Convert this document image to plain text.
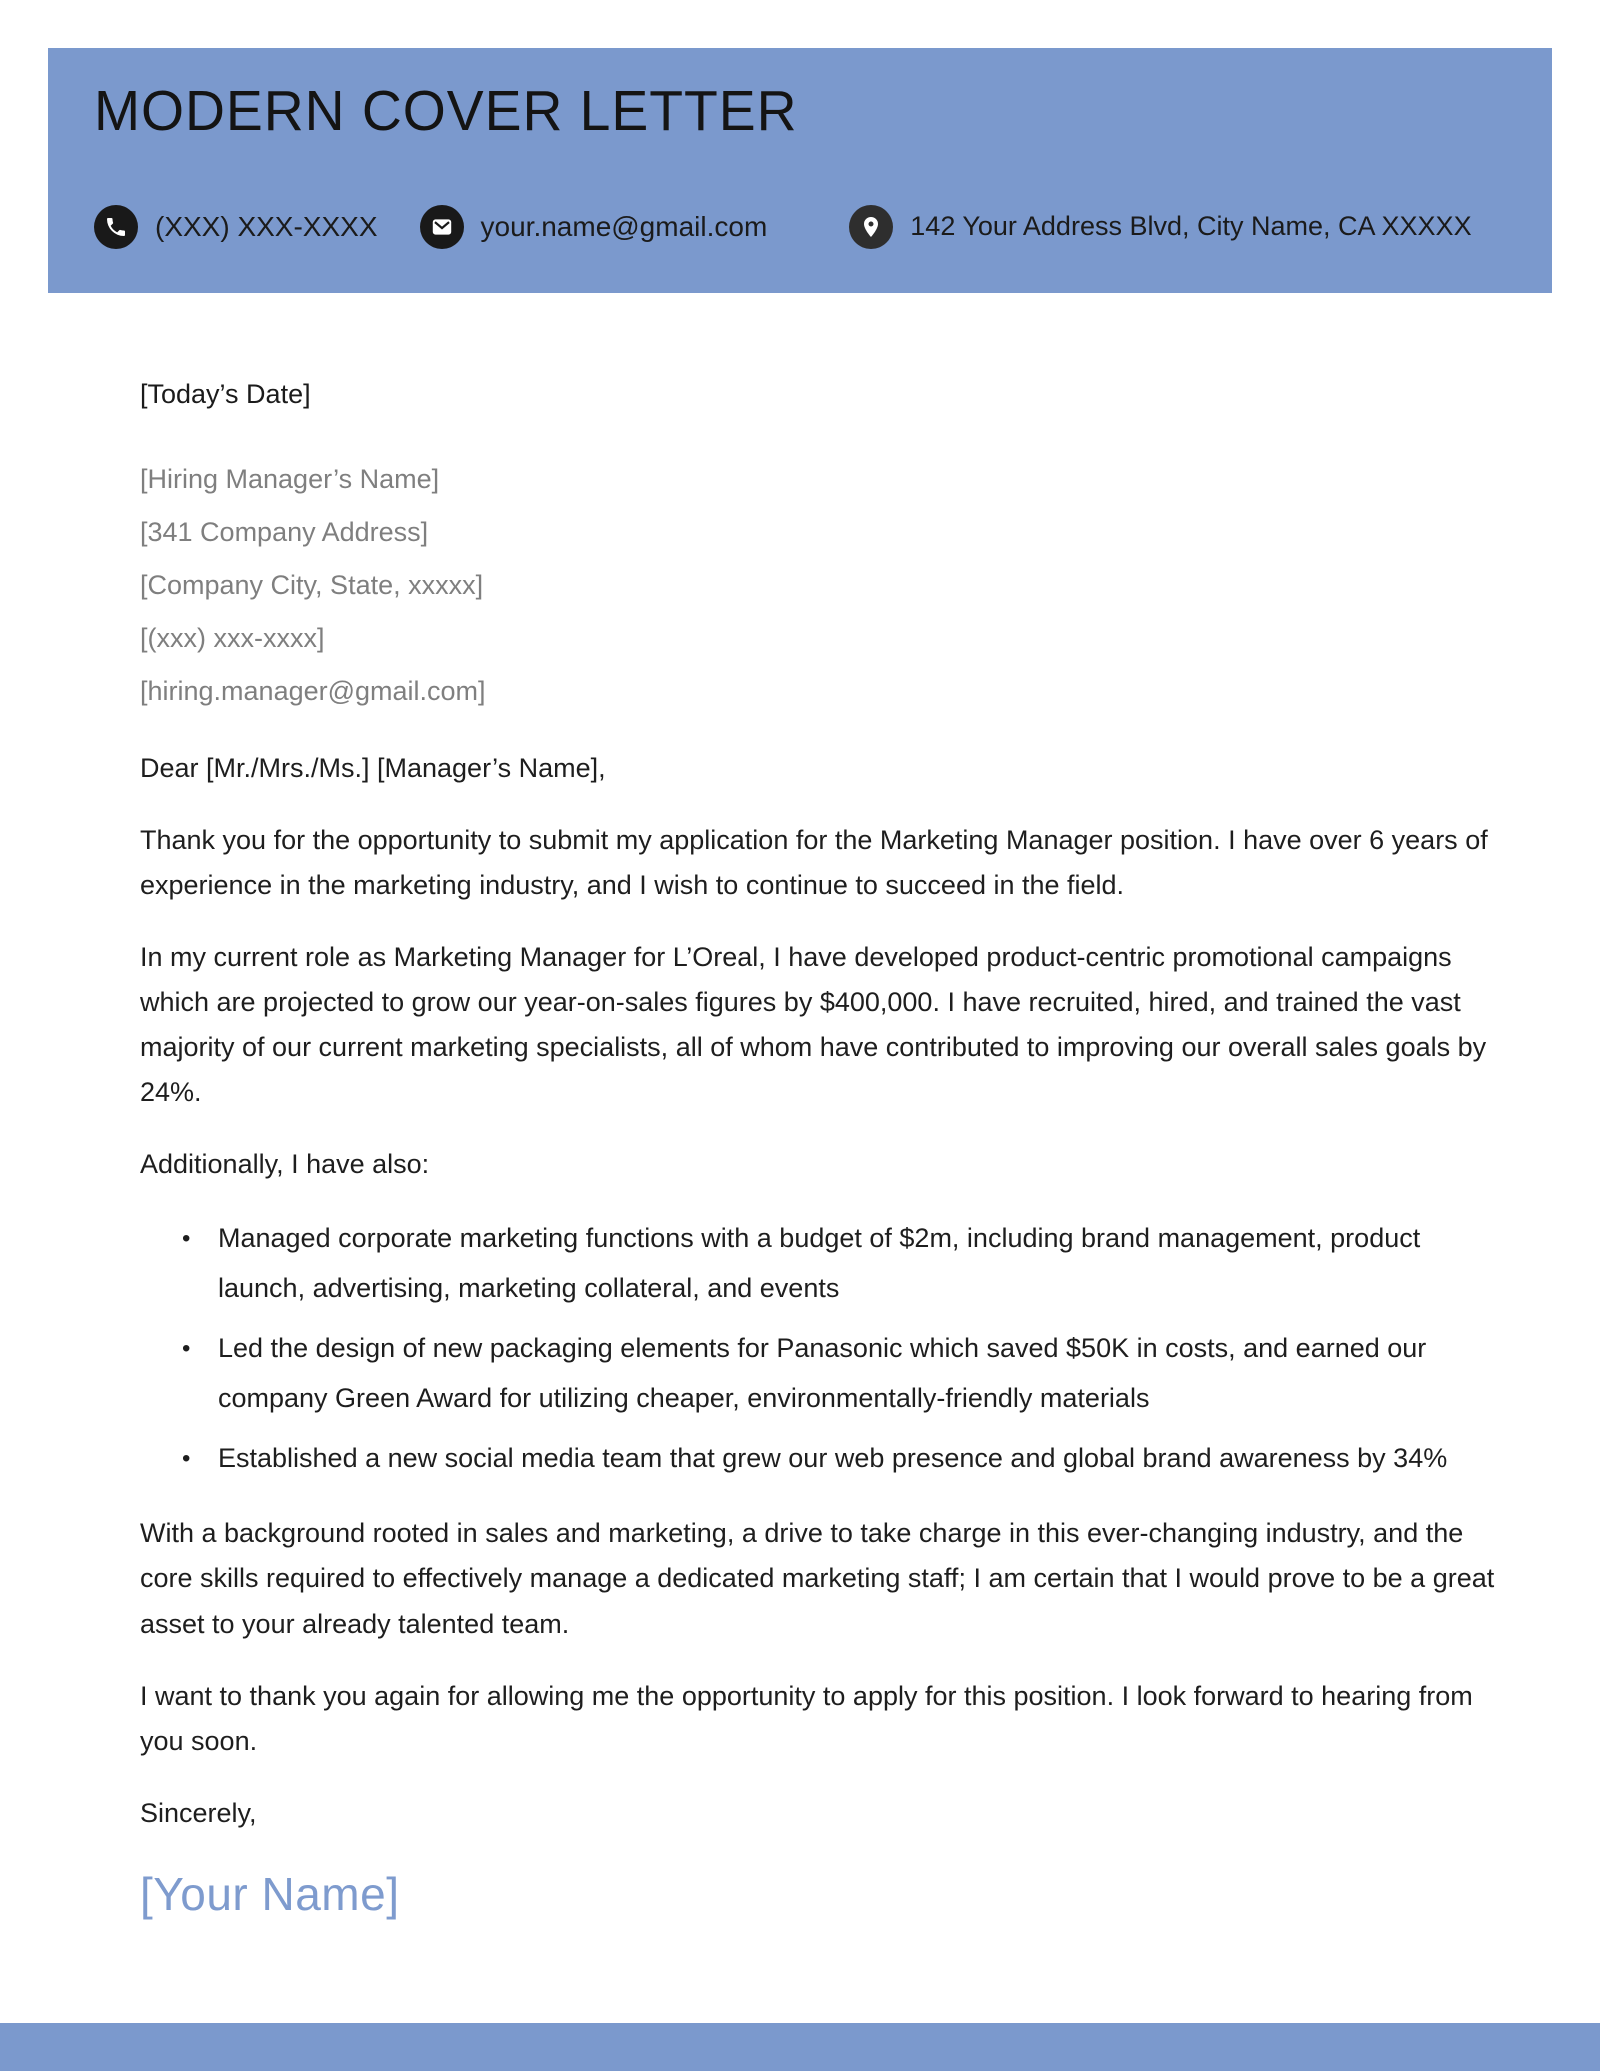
MODERN COVER LETTER
(XXX) XXX-XXXX	your.name@gmail.com	142 Your Address Blvd, City Name, CA XXXXX

[Today’s Date]

[Hiring Manager’s Name]
[341 Company Address]
[Company City, State, xxxxx]
[(xxx) xxx-xxxx]
[hiring.manager@gmail.com]

Dear [Mr./Mrs./Ms.] [Manager’s Name],

Thank you for the opportunity to submit my application for the Marketing Manager position. I have over 6 years of experience in the marketing industry, and I wish to continue to succeed in the field.

In my current role as Marketing Manager for L’Oreal, I have developed product-centric promotional campaigns which are projected to grow our year-on-sales figures by $400,000. I have recruited, hired, and trained the vast majority of our current marketing specialists, all of whom have contributed to improving our overall sales goals by 24%.

Additionally, I have also:

•	Managed corporate marketing functions with a budget of $2m, including brand management, product launch, advertising, marketing collateral, and events
•	Led the design of new packaging elements for Panasonic which saved $50K in costs, and earned our company Green Award for utilizing cheaper, environmentally-friendly materials
•	Established a new social media team that grew our web presence and global brand awareness by 34%

With a background rooted in sales and marketing, a drive to take charge in this ever-changing industry, and the core skills required to effectively manage a dedicated marketing staff; I am certain that I would prove to be a great asset to your already talented team.

I want to thank you again for allowing me the opportunity to apply for this position. I look forward to hearing from you soon.

Sincerely,

[Your Name]
